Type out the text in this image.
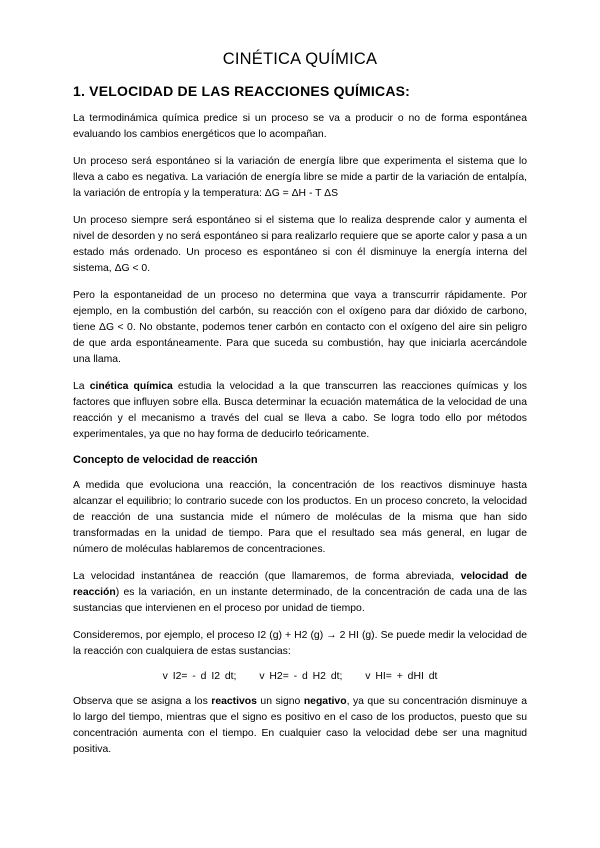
CINÉTICA QUÍMICA
1. VELOCIDAD DE LAS REACCIONES QUÍMICAS:

La termodinámica química predice si un proceso se va a producir o no de forma espontánea evaluando los cambios energéticos que lo acompañan.

Un proceso será espontáneo si la variación de energía libre que experimenta el sistema que lo lleva a cabo es negativa. La variación de energía libre se mide a partir de la variación de entalpía, la variación de entropía y la temperatura: ΔG = ΔH - T ΔS

Un proceso siempre será espontáneo si el sistema que lo realiza desprende calor y aumenta el nivel de desorden y no será espontáneo si para realizarlo requiere que se aporte calor y pasa a un estado más ordenado. Un proceso es espontáneo si con él disminuye la energía interna del sistema, ΔG < 0.

Pero la espontaneidad de un proceso no determina que vaya a transcurrir rápidamente. Por ejemplo, en la combustión del carbón, su reacción con el oxígeno para dar dióxido de carbono, tiene ΔG < 0. No obstante, podemos tener carbón en contacto con el oxígeno del aire sin peligro de que arda espontáneamente. Para que suceda su combustión, hay que iniciarla acercándole una llama.

La cinética química estudia la velocidad a la que transcurren las reacciones químicas y los factores que influyen sobre ella. Busca determinar la ecuación matemática de la velocidad de una reacción y el mecanismo a través del cual se lleva a cabo. Se logra todo ello por métodos experimentales, ya que no hay forma de deducirlo teóricamente.

Concepto de velocidad de reacción

A medida que evoluciona una reacción, la concentración de los reactivos disminuye hasta alcanzar el equilibrio; lo contrario sucede con los productos. En un proceso concreto, la velocidad de reacción de una sustancia mide el número de moléculas de la misma que han sido transformadas en la unidad de tiempo. Para que el resultado sea más general, en lugar de número de moléculas hablaremos de concentraciones.

La velocidad instantánea de reacción (que llamaremos, de forma abreviada, velocidad de reacción) es la variación, en un instante determinado, de la concentración de cada una de las sustancias que intervienen en el proceso por unidad de tiempo.

Consideremos, por ejemplo, el proceso I2 (g) + H2 (g) → 2 HI (g). Se puede medir la velocidad de la reacción con cualquiera de estas sustancias:

v I2= - d I2 dt; v H2= - d H2 dt; v HI= + dHI dt

Observa que se asigna a los reactivos un signo negativo, ya que su concentración disminuye a lo largo del tiempo, mientras que el signo es positivo en el caso de los productos, puesto que su concentración aumenta con el tiempo. En cualquier caso la velocidad debe ser una magnitud positiva.
